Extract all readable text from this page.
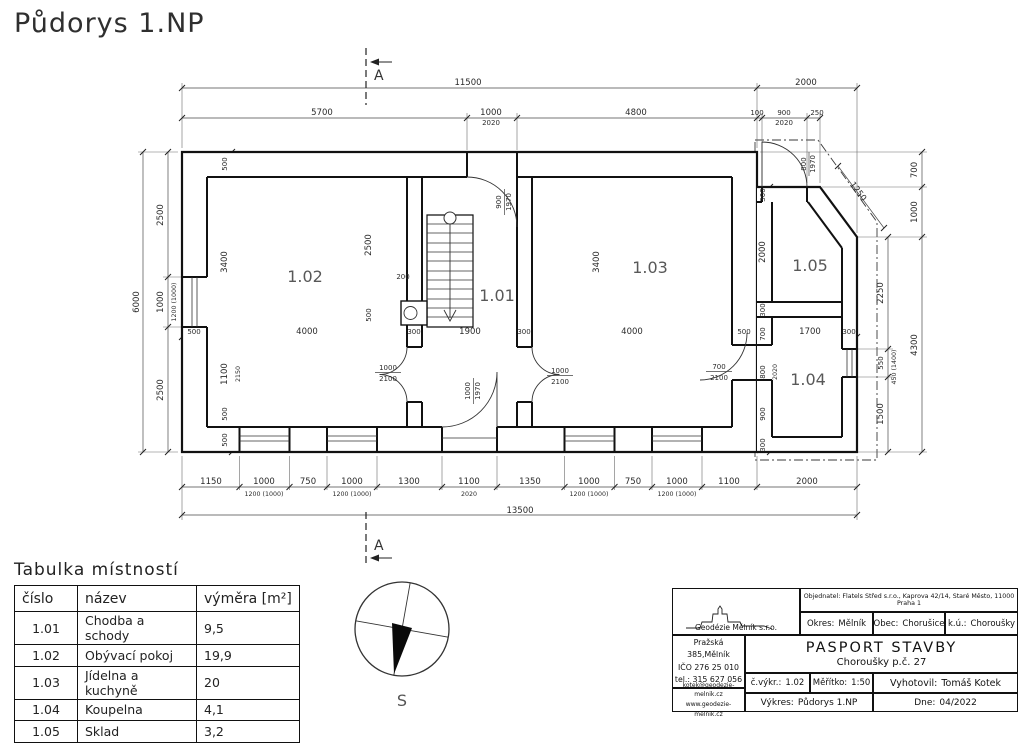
Půdorys 1.NP
A
A
11500	2000
5700	1000	4800	100 900	250
2020	2020
500	4000	300	1900	300	4000	500	1700	300
1150	1000	750	1000	1300	1100	1350	1000	750	1000	1100	2000
1200 (1000)	1200 (1000)	2020	1200 (1000)	1200 (1000)
13500
200
1000
2100
1000
2100
700
2100
6000
2500
1000 1200 (1000)
2500
500
3400
1100 2150
500
500
2500
500
3400
300
2000
300
700
800 2020
900
300
2250
550 450 (1400)
1500
700
1000
4300
1250
900 1970
800 1970
1000 1970
1.02
1.01
1.03	1.05
1.04
Tabulka místností
číslo	název	výměra [m²]
1.01	Chodba a schody	9,5
1.02	Obývací pokoj	19,9
1.03	Jídelna a kuchyně	20
1.04	Koupelna	4,1
1.05	Sklad	3,2
S
Geodézie Mělník s.r.o.
Objednatel: Flatels Střed s.r.o., Kaprova 42/14, Staré Město, 11000 Praha 1
Okres: Mělník Obec: Chorušice k.ú.: Choroušky
Pražská 385,Mělník
IČO 276 25 010
tel.: 315 627 056
kotek@geodezie-melnik.cz
www.geodezie-melnik.cz
PASPORT STAVBY
Choroušky p.č. 27
č.výkr.: 1.02 Měřítko: 1:50 Vyhotovil: Tomáš Kotek
Výkres: Půdorys 1.NP	Dne: 04/2022
